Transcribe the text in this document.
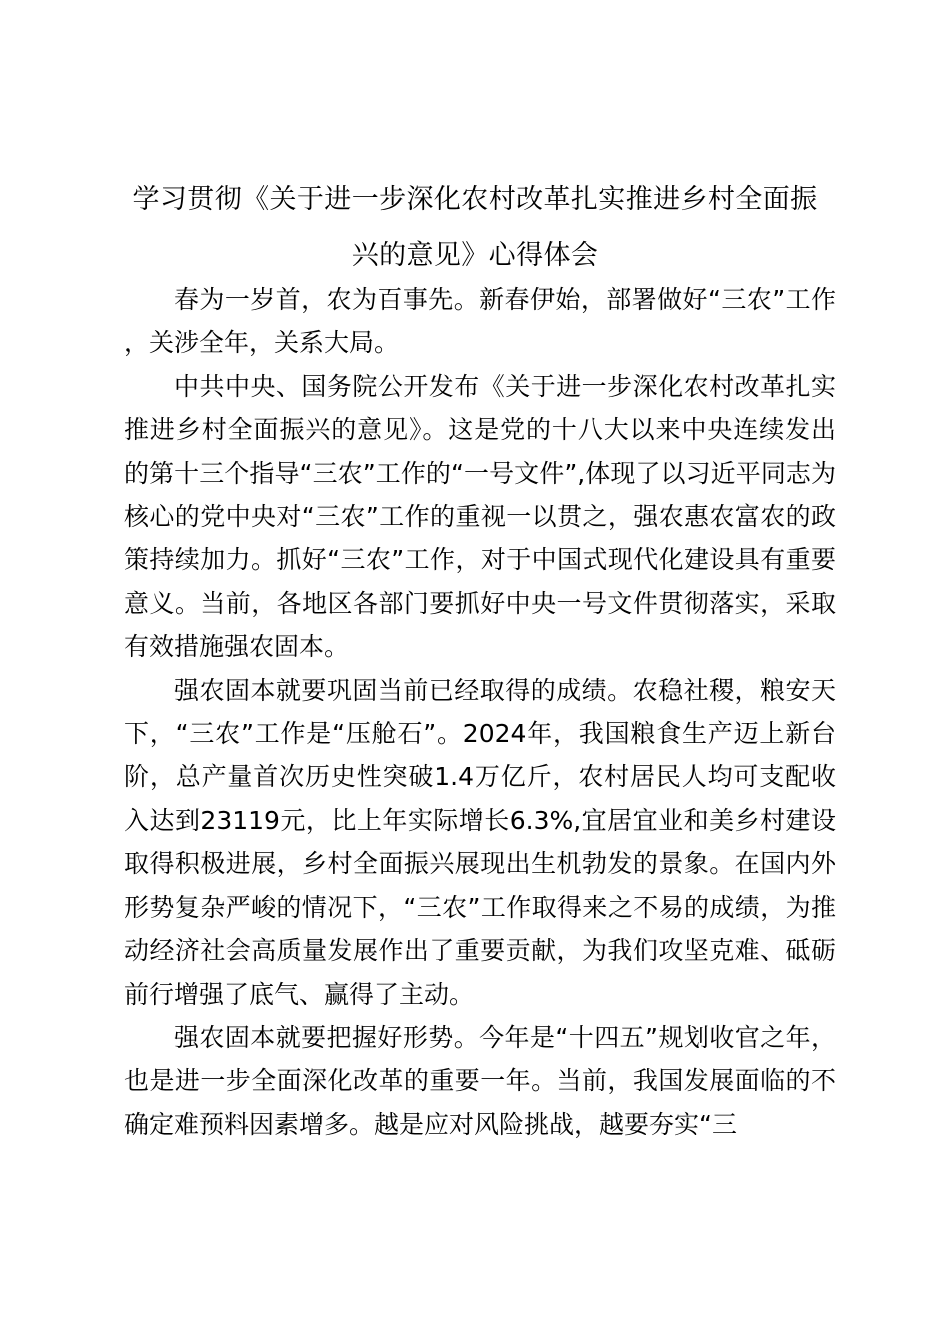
学习贯彻《关于进一步深化农村改革扎实推进乡村全面振兴的意见》心得体会

春为一岁首，农为百事先。新春伊始，部署做好“三农”工作，关涉全年，关系大局。

中共中央、国务院公开发布《关于进一步深化农村改革扎实推进乡村全面振兴的意见》。这是党的十八大以来中央连续发出的第十三个指导“三农”工作的“一号文件”,体现了以习近平同志为核心的党中央对“三农”工作的重视一以贯之，强农惠农富农的政策持续加力。抓好“三农”工作，对于中国式现代化建设具有重要意义。当前，各地区各部门要抓好中央一号文件贯彻落实，采取有效措施强农固本。

强农固本就要巩固当前已经取得的成绩。农稳社稷，粮安天下，“三农”工作是“压舱石”。2024年，我国粮食生产迈上新台阶，总产量首次历史性突破1.4万亿斤，农村居民人均可支配收入达到23119元，比上年实际增长6.3%,宜居宜业和美乡村建设取得积极进展，乡村全面振兴展现出生机勃发的景象。在国内外形势复杂严峻的情况下，“三农”工作取得来之不易的成绩，为推动经济社会高质量发展作出了重要贡献，为我们攻坚克难、砥砺前行增强了底气、赢得了主动。

强农固本就要把握好形势。今年是“十四五”规划收官之年，也是进一步全面深化改革的重要一年。当前，我国发展面临的不确定难预料因素增多。越是应对风险挑战，越要夯实“三
